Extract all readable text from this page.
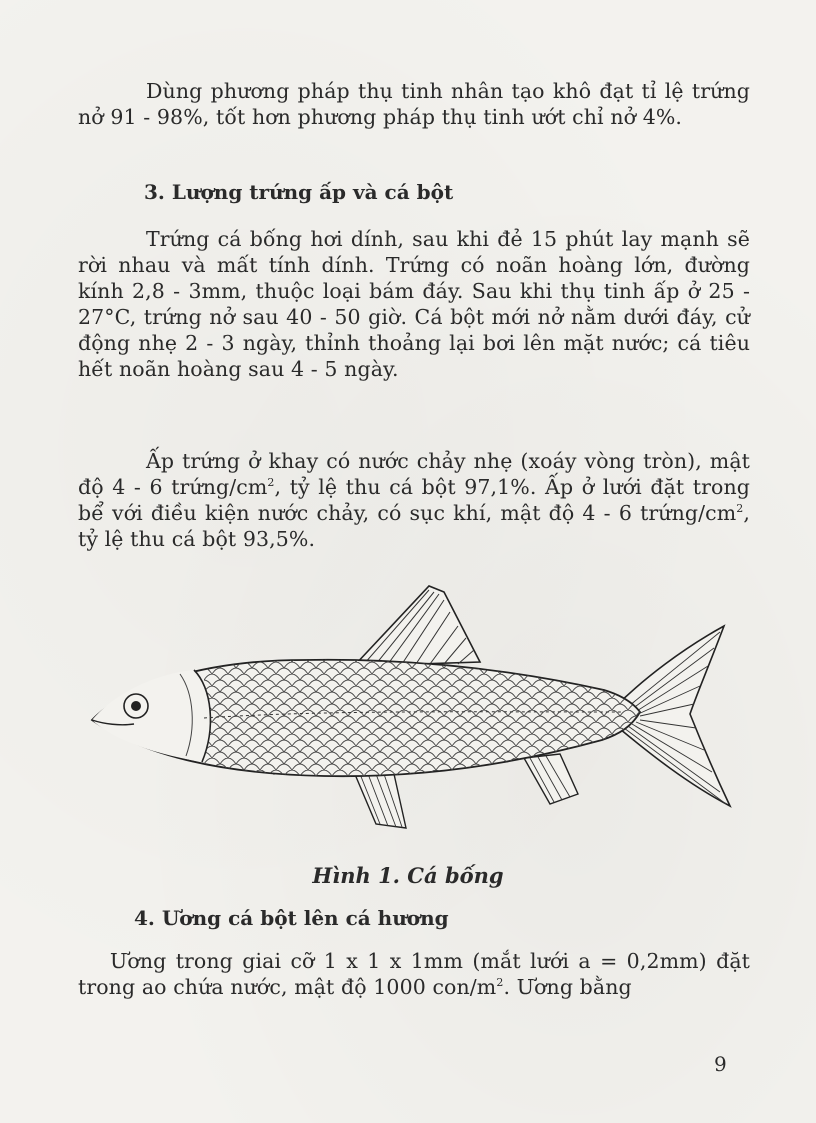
Dùng phương pháp thụ tinh nhân tạo khô đạt tỉ lệ trứng nở 91 - 98%, tốt hơn phương pháp thụ tinh ướt chỉ nở 4%.

3. Lượng trứng ấp và cá bột

Trứng cá bống hơi dính, sau khi đẻ 15 phút lay mạnh sẽ rời nhau và mất tính dính. Trứng có noãn hoàng lớn, đường kính 2,8 - 3mm, thuộc loại bám đáy. Sau khi thụ tinh ấp ở 25 - 27°C, trứng nở sau 40 - 50 giờ. Cá bột mới nở nằm dưới đáy, cử động nhẹ 2 - 3 ngày, thỉnh thoảng lại bơi lên mặt nước; cá tiêu hết noãn hoàng sau 4 - 5 ngày.

Ấp trứng ở khay có nước chảy nhẹ (xoáy vòng tròn), mật độ 4 - 6 trứng/$cm^2$, tỷ lệ thu cá bột 97,1%. Ấp ở lưới đặt trong bể với điều kiện nước chảy, có sục khí, mật độ 4 - 6 trứng/$cm^2$, tỷ lệ thu cá bột 93,5%.

Hình 1. Cá bống
4. Ương cá bột lên cá hương

Ương trong giai cỡ 1 x 1 x 1mm (mắt lưới a = 0,2mm) đặt trong ao chứa nước, mật độ 1000 con/$m^2$. Ương bằng

9
